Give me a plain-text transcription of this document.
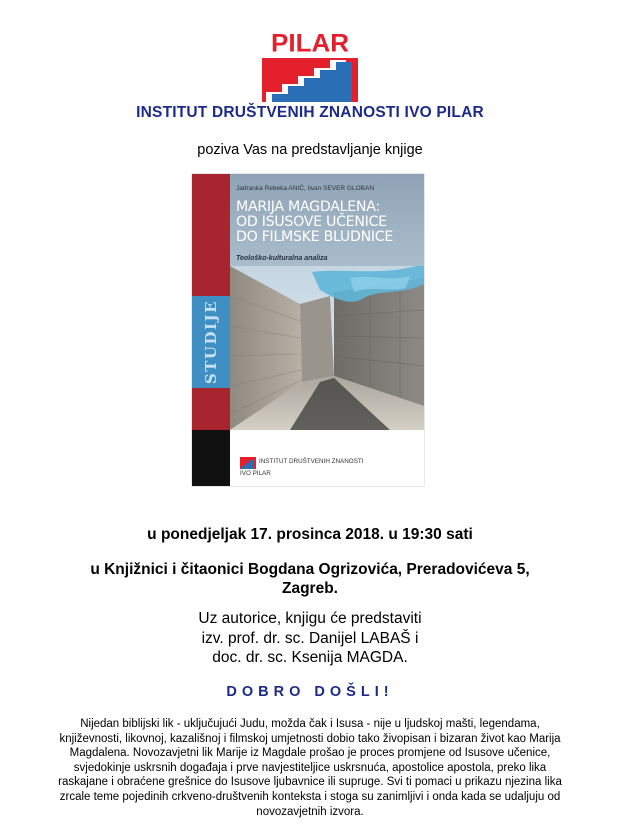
PILAR
INSTITUT DRUŠTVENIH ZNANOSTI IVO PILAR
poziva Vas na predstavljanje knjige
STUDIJE
Jadranka Rebeka ANIĆ, Iivan SEVER GLOBAN
MARIJA MAGDALENA:
OD ISUSOVE UČENICE
DO FILMSKE BLUDNICE
Teološko-kulturalna analiza
INSTITUT DRUŠTVENIH ZNANOSTI
IVO PILAR
u ponedjeljak 17. prosinca 2018. u 19:30 sati
u Knjižnici i čitaonici Bogdana Ogrizovića, Preradovićeva 5,
Zagreb.
Uz autorice, knjigu će predstaviti
izv. prof. dr. sc. Danijel LABAŠ i
doc. dr. sc. Ksenija MAGDA.
DOBRO DOŠLI!
Nijedan biblijski lik - uključujući Judu, možda čak i Isusa - nije u ljudskoj mašti, legendama,
književnosti, likovnoj, kazališnoj i filmskoj umjetnosti dobio tako živopisan i bizaran život kao Marija
Magdalena. Novozavjetni lik Marije iz Magdale prošao je proces promjene od Isusove učenice,
svjedokinje uskrsnih događaja i prve navjestiteljice uskrsnuća, apostolice apostola, preko lika
raskajane i obraćene grešnice do Isusove ljubavnice ili supruge. Svi ti pomaci u prikazu njezina lika
zrcale teme pojedinih crkveno-društvenih konteksta i stoga su zanimljivi i onda kada se udaljuju od
novozavjetnih izvora.
